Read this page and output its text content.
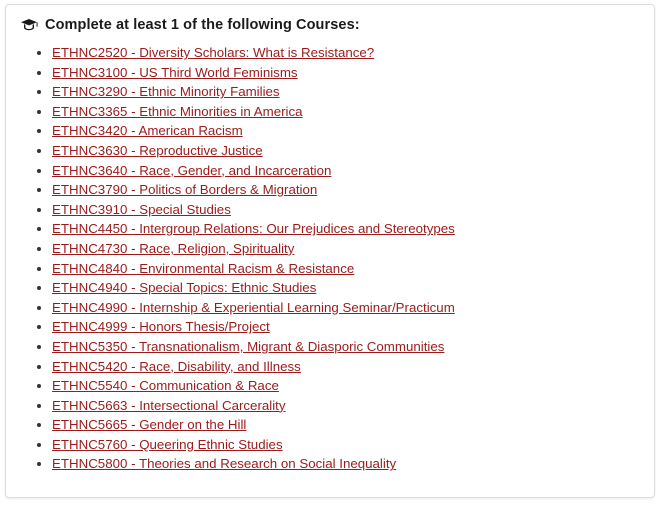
Complete at least 1 of the following Courses:
• ETHNC2520 - Diversity Scholars: What is Resistance?
• ETHNC3100 - US Third World Feminisms
• ETHNC3290 - Ethnic Minority Families
• ETHNC3365 - Ethnic Minorities in America
• ETHNC3420 - American Racism
• ETHNC3630 - Reproductive Justice
• ETHNC3640 - Race, Gender, and Incarceration
• ETHNC3790 - Politics of Borders & Migration
• ETHNC3910 - Special Studies
• ETHNC4450 - Intergroup Relations: Our Prejudices and Stereotypes
• ETHNC4730 - Race, Religion, Spirituality
• ETHNC4840 - Environmental Racism & Resistance
• ETHNC4940 - Special Topics: Ethnic Studies
• ETHNC4990 - Internship & Experiential Learning Seminar/Practicum
• ETHNC4999 - Honors Thesis/Project
• ETHNC5350 - Transnationalism, Migrant & Diasporic Communities
• ETHNC5420 - Race, Disability, and Illness
• ETHNC5540 - Communication & Race
• ETHNC5663 - Intersectional Carcerality
• ETHNC5665 - Gender on the Hill
• ETHNC5760 - Queering Ethnic Studies
• ETHNC5800 - Theories and Research on Social Inequality
